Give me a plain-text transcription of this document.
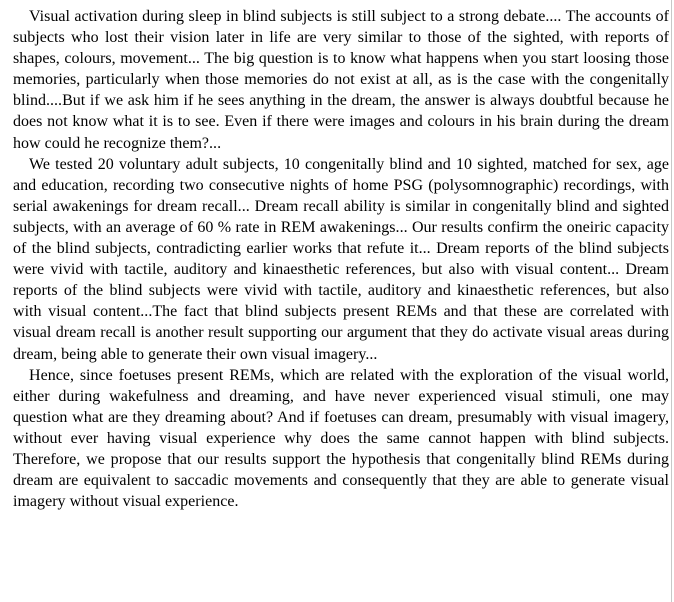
Visual activation during sleep in blind subjects is still subject to a strong debate.... The accounts of subjects who lost their vision later in life are very similar to those of the sighted, with reports of shapes, colours, movement... The big question is to know what happens when you start loosing those memories, particularly when those memories do not exist at all, as is the case with the congenitally blind....But if we ask him if he sees anything in the dream, the answer is always doubtful because he does not know what it is to see. Even if there were images and colours in his brain during the dream how could he recognize them?...

We tested 20 voluntary adult subjects, 10 congenitally blind and 10 sighted, matched for sex, age and education, recording two consecutive nights of home PSG (polysomnographic) recordings, with serial awakenings for dream recall... Dream recall ability is similar in congenitally blind and sighted subjects, with an average of 60 % rate in REM awakenings... Our results confirm the oneiric capacity of the blind subjects, contradicting earlier works that refute it... Dream reports of the blind subjects were vivid with tactile, auditory and kinaesthetic references, but also with visual content... Dream reports of the blind subjects were vivid with tactile, auditory and kinaesthetic references, but also with visual content...The fact that blind subjects present REMs and that these are correlated with visual dream recall is another result supporting our argument that they do activate visual areas during dream, being able to generate their own visual imagery...

Hence, since foetuses present REMs, which are related with the exploration of the visual world, either during wakefulness and dreaming, and have never experienced visual stimuli, one may question what are they dreaming about? And if foetuses can dream, presumably with visual imagery, without ever having visual experience why does the same cannot happen with blind subjects. Therefore, we propose that our results support the hypothesis that congenitally blind REMs during dream are equivalent to saccadic movements and consequently that they are able to generate visual imagery without visual experience.
